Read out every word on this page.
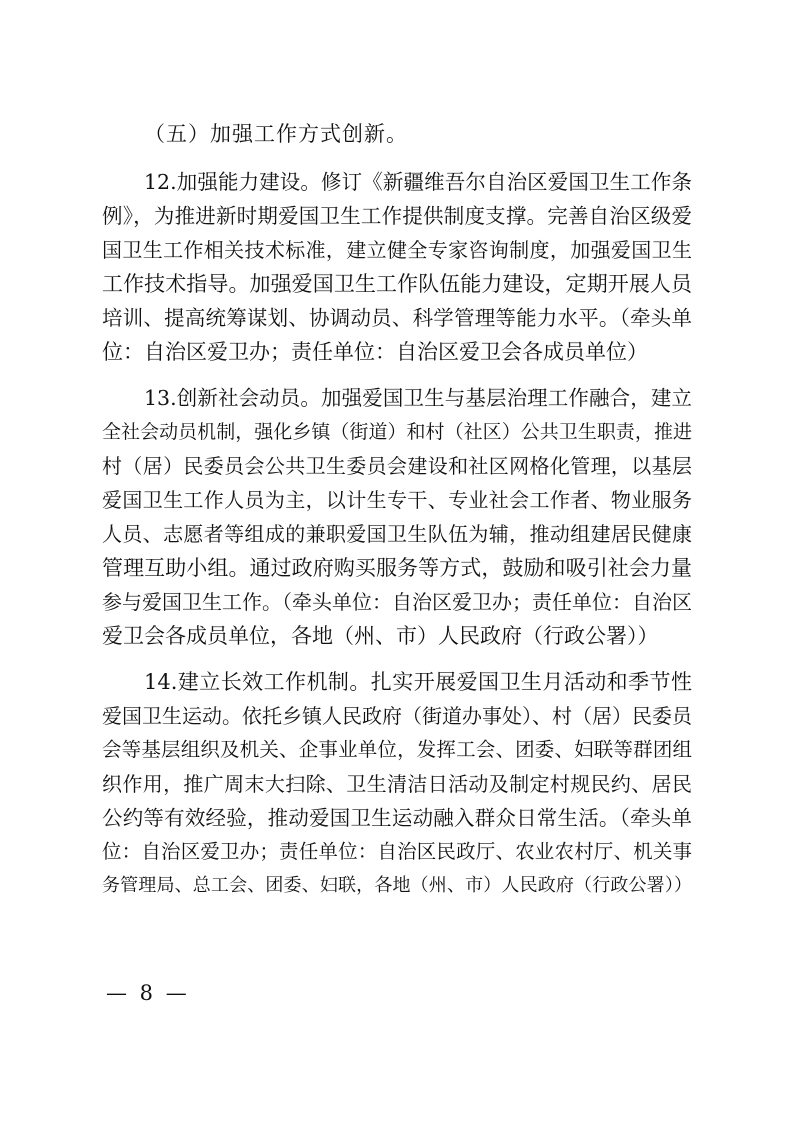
（五）加强工作方式创新。
12.加强能力建设。修订《新疆维吾尔自治区爱国卫生工作条
例》，为推进新时期爱国卫生工作提供制度支撑。完善自治区级爱
国卫生工作相关技术标准，建立健全专家咨询制度，加强爱国卫生
工作技术指导。加强爱国卫生工作队伍能力建设，定期开展人员
培训、提高统筹谋划、协调动员、科学管理等能力水平。（牵头单
位：自治区爱卫办；责任单位：自治区爱卫会各成员单位）
13.创新社会动员。加强爱国卫生与基层治理工作融合，建立
全社会动员机制，强化乡镇（街道）和村（社区）公共卫生职责，推进
村（居）民委员会公共卫生委员会建设和社区网格化管理，以基层
爱国卫生工作人员为主，以计生专干、专业社会工作者、物业服务
人员、志愿者等组成的兼职爱国卫生队伍为辅，推动组建居民健康
管理互助小组。通过政府购买服务等方式，鼓励和吸引社会力量
参与爱国卫生工作。（牵头单位：自治区爱卫办；责任单位：自治区
爱卫会各成员单位，各地（州、市）人民政府（行政公署））
14.建立长效工作机制。扎实开展爱国卫生月活动和季节性
爱国卫生运动。依托乡镇人民政府（街道办事处）、村（居）民委员
会等基层组织及机关、企事业单位，发挥工会、团委、妇联等群团组
织作用，推广周末大扫除、卫生清洁日活动及制定村规民约、居民
公约等有效经验，推动爱国卫生运动融入群众日常生活。（牵头单
位：自治区爱卫办；责任单位：自治区民政厅、农业农村厅、机关事
务管理局、总工会、团委、妇联，各地（州、市）人民政府（行政公署））
— 8 —
